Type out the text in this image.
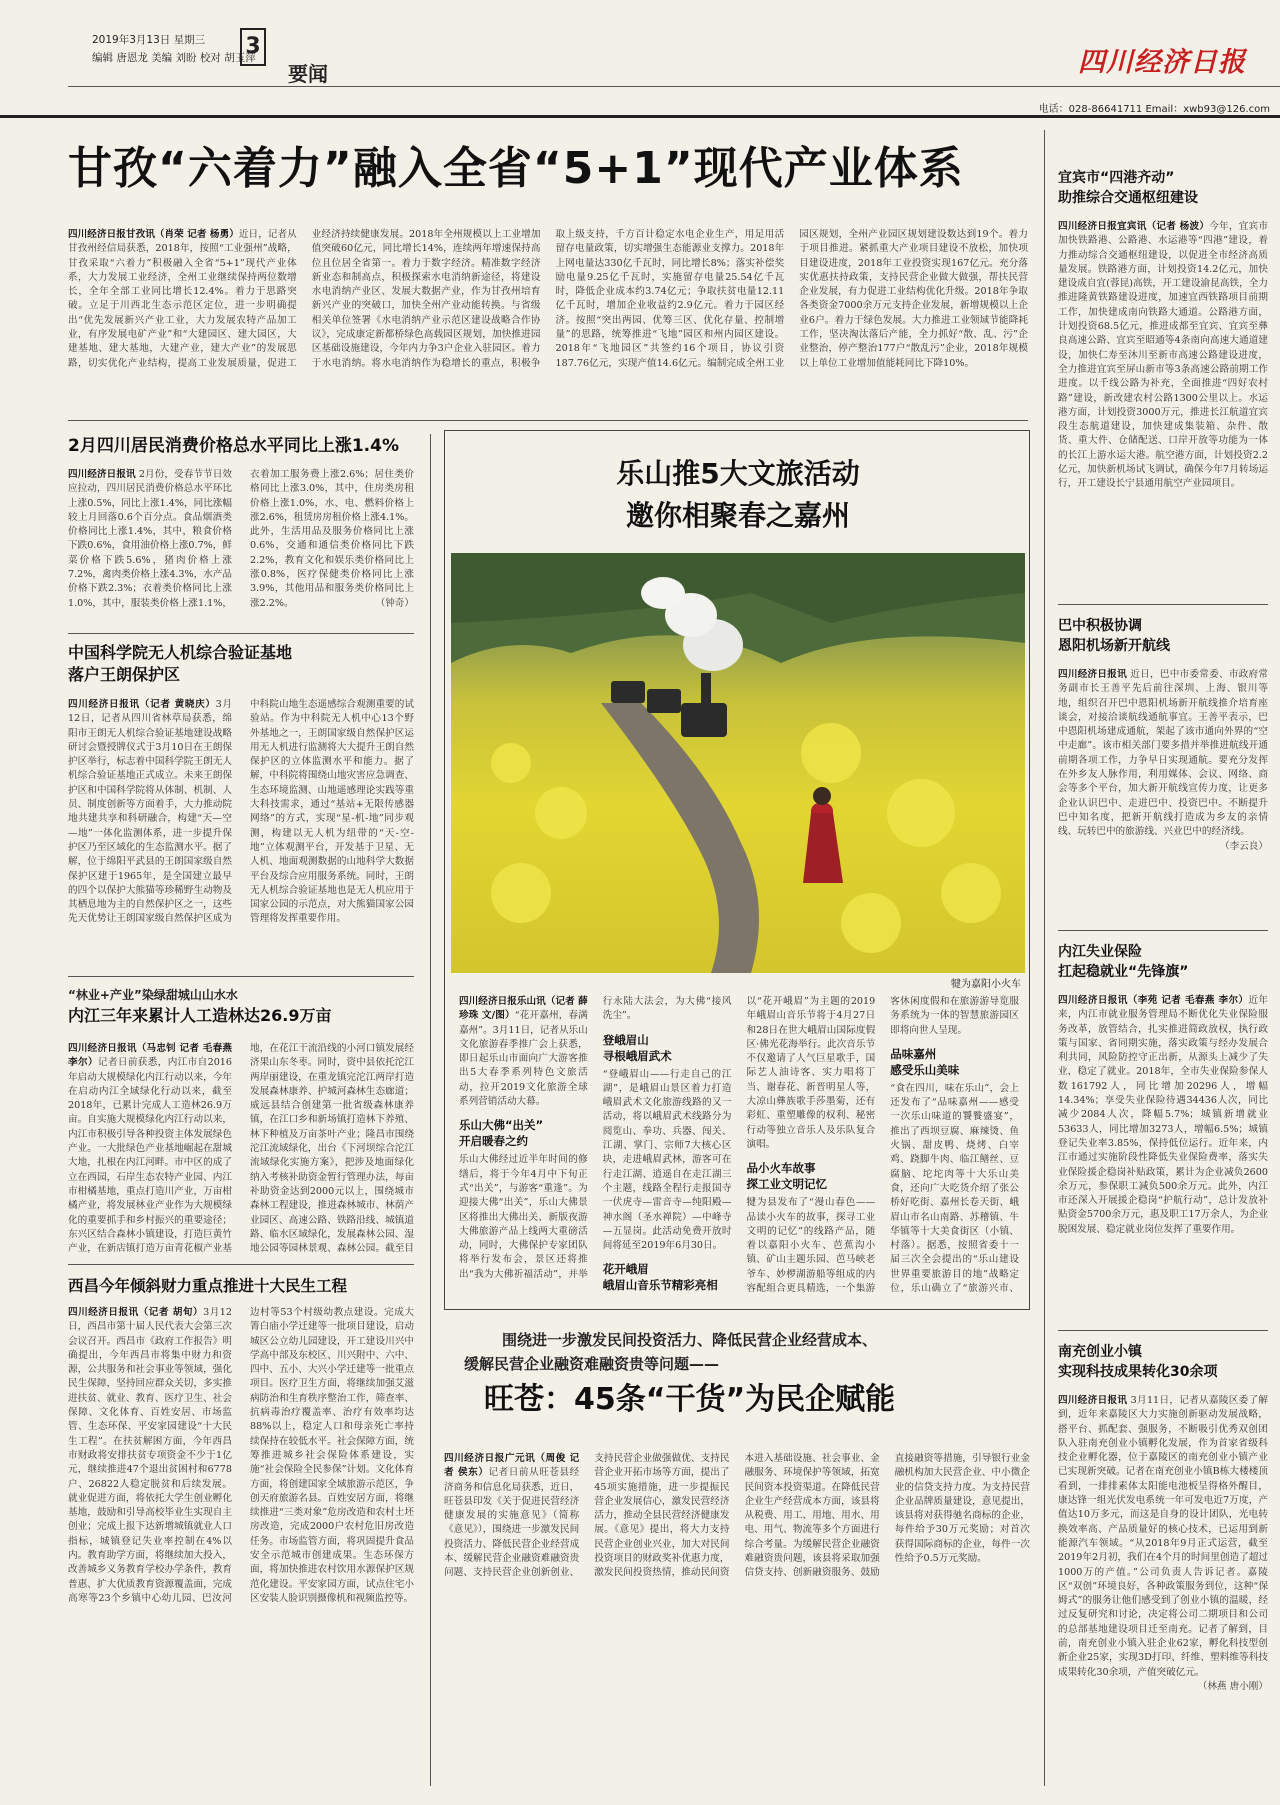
2019年3月13日 星期三	3
编辑 唐恩龙 美编 刘盼 校对 胡玉萍
要闻	四川经济日报
电话：028-86641711 Email：xwb93@126.com
甘孜“六着力”融入全省“5+1”现代产业体系
四川经济日报甘孜讯（肖荣 记者 杨勇）近日，记者从甘孜州经信局获悉，2018年，按照“工业强州”战略，甘孜采取“六着力”积极融入全省“5+1”现代产业体系，大力发展工业经济，全州工业继续保持两位数增长，全年全部工业同比增长12.4%。着力于思路突破。立足于川西北生态示范区定位，进一步明确提出“优先发展新兴产业工业，大力发展农特产品加工业，有序发展电矿产业”和“大建园区、建大园区，大建基地、建大基地，大建产业，建大产业”的发展思路，切实优化产业结构，提高工业发展质量，促进工业经济持续健康发展。2018年全州规模以上工业增加值突破60亿元，同比增长14%，连续两年增速保持高位且位居全省第一。着力于数字经济。精准数字经济新业态和制高点，积极探索水电消纳新途径，将建设水电消纳产业区、发展大数据产业，作为甘孜州培育新兴产业的突破口，加快全州产业动能转换。与省级相关单位签署《水电消纳产业示范区建设战略合作协议》，完成康定新都桥绿色高载园区规划，加快推进园区基础设施建设，今年内力争3户企业入驻园区。着力于水电消纳。将水电消纳作为稳增长的重点，积极争取上级支持，千方百计稳定水电企业生产，用足用活留存电量政策，切实增强生态能源业支撑力。2018年上网电量达330亿千瓦时，同比增长8%；落实补偿奖励电量9.25亿千瓦时，实施留存电量25.54亿千瓦时，降低企业成本约3.74亿元；争取扶贫电量12.11亿千瓦时，增加企业收益约2.9亿元。着力于园区经济。按照“突出两园、优筹三区、优化存量、控制增量”的思路，统筹推进“飞地”园区和州内园区建设。2018年“飞地园区”共签约16个项目，协议引资187.76亿元，实现产值14.6亿元。编制完成全州工业园区规划，全州产业园区规划建设数达到19个。着力于项目推进。紧抓重大产业项目建设不放松，加快项目建设进度，2018年工业投资实现167亿元。充分落实优惠扶持政策，支持民营企业做大做强，帮扶民营企业发展，有力促进工业结构优化升级。2018年争取各类资金7000余万元支持企业发展，新增规模以上企业6户。着力于绿色发展。大力推进工业领域节能降耗工作，坚决淘汰落后产能，全力抓好“散、乱、污”企业整治，停产整治177户“散乱污”企业，2018年规模以上单位工业增加值能耗同比下降10%。
2月四川居民消费价格总水平同比上涨1.4%
四川经济日报讯 2月份，受春节节日效应拉动，四川居民消费价格总水平环比上涨0.5%，同比上涨1.4%，同比涨幅较上月回落0.6个百分点。食品烟酒类价格同比上涨1.4%，其中，粮食价格下跌0.6%，食用油价格上涨0.7%，鲜菜价格下跌5.6%，猪肉价格上涨7.2%，禽肉类价格上涨4.3%，水产品价格下跌2.3%；衣着类价格同比上涨1.0%，其中，服装类价格上涨1.1%，衣着加工服务费上涨2.6%；居住类价格同比上涨3.0%，其中，住房类房租价格上涨1.0%，水、电、燃料价格上涨2.6%，租赁房房租价格上涨4.1%。此外，生活用品及服务价格同比上涨0.6%，交通和通信类价格同比下跌2.2%，教育文化和娱乐类价格同比上涨0.8%，医疗保健类价格同比上涨3.9%，其他用品和服务类价格同比上涨2.2%。	（钟奇）
中国科学院无人机综合验证基地
落户王朗保护区
四川经济日报讯（记者 黄晓庆）3月12日，记者从四川省林草局获悉，绵阳市王朗无人机综合验证基地建设战略研讨会暨授牌仪式于3月10日在王朗保护区举行，标志着中国科学院王朗无人机综合验证基地正式成立。未来王朗保护区和中国科学院将从体制、机制、人员、制度创新等方面着手，大力推动院地共建共享和科研融合，构建“天—空—地”一体化监测体系，进一步提升保护区乃至区域化的生态监测水平。据了解，位于绵阳平武县的王朗国家级自然保护区建于1965年，是全国建立最早的四个以保护大熊猫等珍稀野生动物及其栖息地为主的自然保护区之一，这些先天优势让王朗国家级自然保护区成为中科院山地生态遥感综合观测重要的试验站。作为中科院无人机中心13个野外基地之一，王朗国家级自然保护区运用无人机进行监测将大大提升王朗自然保护区的立体监测水平和能力。据了解，中科院将围绕山地灾害应急调查、生态环境监测、山地遥感理论实践等重大科技需求，通过“基站+无限传感器网络”的方式，实现“星-机-地”同步观测，构建以无人机为纽带的“天-空-地”立体观测平台，开发基于卫星、无人机、地面观测数据的山地科学大数据平台及综合应用服务系统。同时，王朗无人机综合验证基地也是无人机应用于国家公园的示范点，对大熊猫国家公园管理将发挥重要作用。
“林业+产业”染绿甜城山山水水
内江三年来累计人工造林达26.9万亩
四川经济日报讯（马忠钊 记者 毛春燕 李尔）记者日前获悉，内江市自2016年启动大规模绿化内江行动以来，今年在启动内江全域绿化行动以来，截至2018年，已累计完成人工造林26.9万亩。自实施大规模绿化内江行动以来，内江市积极引导各种投资主体发展绿色产业。一大批绿色产业基地崛起在甜城大地，扎根在内江河畔。市中区的成了立在西园，石岸生态农特产业园、内江市柑橘基地，重点打造川产业，万亩柑橘产业，将发展林业产业作为大规模绿化的重要抓手和乡村振兴的重要途径；东兴区结合森林小镇建设，打造巨黄竹产业，在新店镇打造万亩青花椒产业基地，在花江干流沿线的小河口镇发展经济果山东冬枣。同时，资中县依托沱江两岸丽建设，在重龙镇完沱江两岸打造发展森林康养、护城河森林生态廊道；威远县结合创建第一批省级森林康养镇，在江口乡和新场镇打造林下养殖、林下种植及万亩茶叶产业；隆昌市围绕沱江流域绿化，出台《下河坝综合沱江流域绿化实施方案》，把涉及地面绿化纳入考核补助资金暂行管理办法，每亩补助资金达到2000元以上，围绕城市森林工程建设，推进森林城市、林荫产业园区、高速公路、铁路沿线、城镇道路、临水区域绿化，发展森林公园、湿地公园等园林景观、森林公园。截至目
西昌今年倾斜财力重点推进十大民生工程
四川经济日报讯（记者 胡旬）3月12日，西昌市第十届人民代表大会第三次会议召开。西昌市《政府工作报告》明确提出，今年西昌市将集中财力和资源，公共服务和社会事业等领域，强化民生保障，坚持回应群众关切，多实推进扶贫、就业、教育、医疗卫生、社会保障、文化体育、百姓安居、市场监管、生态环保、平安家园建设“十大民生工程”。在扶贫解困方面，今年西昌市财政将安排扶贫专项资金不少于1亿元，继续推进47个退出贫困村和6778户、26822人稳定脱贫和后续发展。就业促进方面，将依托大学生创业孵化基地，鼓励和引导高校毕业生实现自主创业；完成上报下达新增城镇就业人口指标，城镇登记失业率控制在4%以内。教育助学方面，将继续加大投入，改善城乡义务教育学校办学条件，教育普惠、扩大优质教育资源覆盖面，完成高寒等23个乡镇中心幼儿园、巴汝河边村等53个村级幼教点建设。完成大箐白庙小学迁建等一批项目建设，启动城区公立幼儿园建设，开工建设川兴中学高中部及东校区、川兴附中、六中、四中、五小、大兴小学迁建等一批重点项目。医疗卫生方面，将继续加强艾滋病防治和生育秩序整治工作，筛查率、抗病毒治疗覆盖率、治疗有效率均达88%以上，稳定人口和母亲死亡率持续保持在较低水平。社会保障方面，统筹推进城乡社会保险体系建设，实施“社会保险全民参保”计划。文化体育方面，将创建国家全域旅游示范区，争创天府旅游名县。百姓安居方面，将继续推进“三类对象”危房改造和农村土坯房改造，完成2000户农村危旧房改造任务。市场监管方面，将巩固提升食品安全示范城市创建成果。生态环保方面，将加快推进农村饮用水源保护区规范化建设。平安家园方面，试点住宅小区安装人脸识别摄像机和视频监控等。
乐山推5大文旅活动
邀你相聚春之嘉州
犍为嘉阳小火车
四川经济日报乐山讯（记者 薛珍珠 文/图）“花开嘉州，春满嘉州”。3月11日，记者从乐山文化旅游春季推广会上获悉，即日起乐山市面向广大游客推出5大春季系列特色文旅活动，拉开2019文化旅游全球系列营销活动大幕。
乐山大佛“出关”
开启暖春之约
乐山大佛经过近半年时间的修缮后，将于今年4月中下旬正式“出关”，与游客“重逢”。为迎接大佛“出关”，乐山大佛景区将推出大佛出关、新版夜游大佛旅游产品上线两大重磅活动，同时，大佛保护专家团队将举行发布会，景区还将推出“我为大佛祈福活动”，并举行永陆大法会，为大佛“接风洗尘”。
登峨眉山
寻根峨眉武术
“登峨眉山——行走自己的江湖”，是峨眉山景区着力打造峨眉武术文化旅游线路的又一活动，将以峨眉武术线路分为阅览山、拳功、兵器、闯关、江湖、掌门、宗师7大核心区块，走进峨眉武林，游客可在行走江湖、逍遥自在走江湖三个主题，线路全程行走报国寺一伏虎寺—雷音寺—纯阳殿—神水阁（圣水禅院）—中峰寺—五显岗。此活动免费开放时间将延至2019年6月30日。
花开峨眉
峨眉山音乐节精彩亮相
以“花开峨眉”为主题的2019年峨眉山音乐节将于4月27日和28日在世大峨眉山国际度假区·佛光花海举行。此次音乐节不仅邀请了人气巨星歌手，国际艺人油诗客、实力唱将丁当、谢春花、新晋明星人等，大凉山彝族歌手莎墨菊，还有彩虹、重塑雕像的权利、秘密行动等独立音乐人及乐队复合演唱。
品小火车故事
探工业文明记忆
犍为县发布了“漫山春色——品读小火车的故事，探寻工业文明的记忆”的线路产品，随着以嘉阳小火车、芭蕉沟小镇、矿山主题乐园、芭马峡老爷车、妙椤湖游船等组成的内容配组合更具精选，一个集游客休闲度假和在旅游游导览服务系统为一体的智慧旅游园区即将向世人呈现。
品味嘉州
感受乐山美味
“食在四川，味在乐山”，会上还发布了“品味嘉州——感受一次乐山味道的饕餮盛宴”，推出了西坝豆腐、麻辣烫、鱼火锅、甜皮鸭、烧烤、白宰鸡、跷脚牛肉、临江鳝丝、豆腐脑、坨坨肉等十大乐山美食，还向广大吃货介绍了张公桥好吃街、嘉州长卷天街、峨眉山市名山南路、苏稽镇、牛华镇等十大美食街区（小镇、村落）。据悉，按照省委十一届三次全会提出的“乐山建设世界重要旅游目的地”战略定位，乐山确立了“旅游兴市、
围绕进一步激发民间投资活力、降低民营企业经营成本、
缓解民营企业融资难融资贵等问题——
旺苍：45条“干货”为民企赋能
四川经济日报广元讯（周俊 记者 侯东）记者日前从旺苍县经济商务和信息化局获悉，近日，旺苍县印发《关于促进民营经济健康发展的实施意见》（简称《意见》），围绕进一步激发民间投资活力、降低民营企业经营成本、缓解民营企业融资难融资贵问题、支持民营企业创新创业、支持民营企业做强做优、支持民营企业开拓市场等方面，提出了45项实施措施，进一步提振民营企业发展信心，激发民营经济活力，推动全县民营经济健康发展。《意见》提出，将大力支持民营企业创业兴业，加大对民间投资项目的财政奖补优惠力度，激发民间投资热情，推动民间资本进入基础设施、社会事业、金融服务、环境保护等领域，拓宽民间资本投资渠道。在降低民营企业生产经营成本方面，该县将从税费、用工、用地、用水、用电、用气、物流等多个方面进行综合考量。为缓解民营企业融资难融资贵问题，该县将采取加强信贷支持、创新融资服务、鼓励直接融资等措施，引导银行业金融机构加大民营企业、中小微企业的信贷支持力度。为支持民营企业品牌质量建设，意见提出，该县将对获得驰名商标的企业，每件给予30万元奖励；对首次获得国际商标的企业，每件一次性给予0.5万元奖励。
宜宾市“四港齐动”
助推综合交通枢纽建设
四川经济日报宜宾讯（记者 杨波）今年，宜宾市加快铁路港、公路港、水运港等“四港”建设，着力推动综合交通枢纽建设，以促进全市经济高质量发展。铁路港方面，计划投资14.2亿元，加快建设成自宜(蓉昆)高铁，开工建设渝昆高铁，全力推进隆黄铁路建设进度，加速宜西铁路项目前期工作，加快建成南向铁路大通道。公路港方面，计划投资68.5亿元，推进成都至宜宾、宜宾至彝良高速公路、宜宾至昭通等4条南向高速大通道建设，加快仁寿至沐川至新市高速公路建设进度，全力推进宜宾至屏山新市等3条高速公路前期工作进度。以千线公路为补充，全面推进“四好农村路”建设，新改建农村公路1300公里以上。水运港方面，计划投资3000万元，推进长江航道宜宾段生态航道建设，加快建成集装箱、杂件、散货、重大件、仓储配送、口岸开放等功能为一体的长江上游水运大港。航空港方面，计划投资2.2亿元，加快新机场试飞调试，确保今年7月转场运行，开工建设长宁县通用航空产业园项目。
巴中积极协调
恩阳机场新开航线
四川经济日报讯 近日，巴中市委常委、市政府常务副市长王善平先后前往深圳、上海、银川等地，组织召开巴中恩阳机场新开航线推介培育座谈会，对接洽谈航线通航事宜。王善平表示，巴中恩阳机场建成通航，架起了该市通向外界的“空中走廊”。该市相关部门要多措并举推进航线开通前期各项工作，力争早日实现通航。要充分发挥在外乡友人脉作用，利用媒体、会议、网络、商会等多个平台，加大新开航线宣传力度，让更多企业认识巴中、走进巴中、投资巴中。不断提升巴中知名度，把新开航线打造成为乡友的亲情线、玩转巴中的旅游线、兴业巴中的经济线。
（李云良）
内江失业保险
扛起稳就业“先锋旗”
四川经济日报讯（李苑 记者 毛春燕 李尔）近年来，内江市就业服务管理局不断优化失业保险服务改革，放管结合，扎实推进简政放权，执行政策与国家、省同期实施，落实政策与经办发展合利共同，风险防控守正出新，从源头上减少了失业，稳定了就业。2018年，全市失业保险参保人数161792人，同比增加20296人，增幅14.34%；享受失业保险待遇34436人次，同比减少2084人次，降幅5.7%；城镇新增就业53633人，同比增加3273人，增幅6.5%；城镇登记失业率3.85%，保持低位运行。近年来，内江市通过实施阶段性降低失业保险费率，落实失业保险援企稳岗补贴政策，累计为企业减负2600余万元，参保职工减负500余万元。此外，内江市还深入开展援企稳岗“护航行动”，总计发放补贴资金5700余万元，惠及职工17万余人，为企业脱困发展、稳定就业岗位发挥了重要作用。
南充创业小镇
实现科技成果转化30余项
四川经济日报讯 3月11日，记者从嘉陵区委了解到，近年来嘉陵区大力实施创新驱动发展战略，搭平台、抓配套、强服务，不断吸引优秀双创团队入驻南充创业小镇孵化发展，作为首家省级科技企业孵化器，位于嘉陵区的南充创业小镇产业已实现新突破。记者在南充创业小镇B栋大楼楼顶看到，一排排素体太阳能电池板呈得格外醒目，康达锋一组光伏发电系统一年可发电近7万度，产值达10万多元，而这是自身的设计团队，光电转换效率高、产品质量好的核心技术，已运用到新能源汽车领域。“从2018年9月正式运营，截至2019年2月初，我们在4个月的时间里创造了超过1000万的产值。”公司负责人告诉记者。嘉陵区“双创”环境良好，各种政策服务到位，这种“保姆式”的服务让他们感受到了创业小镇的温暖，经过反复研究和讨论，决定将公司二期项目和公司的总部基地建设项目迁至南充。记者了解到，目前，南充创业小镇入驻企业62家，孵化科技型创新企业25家，实现3D打印、纤维、塑料维等科技成果转化30余项，产值突破亿元。
（林燕 唐小刚）
